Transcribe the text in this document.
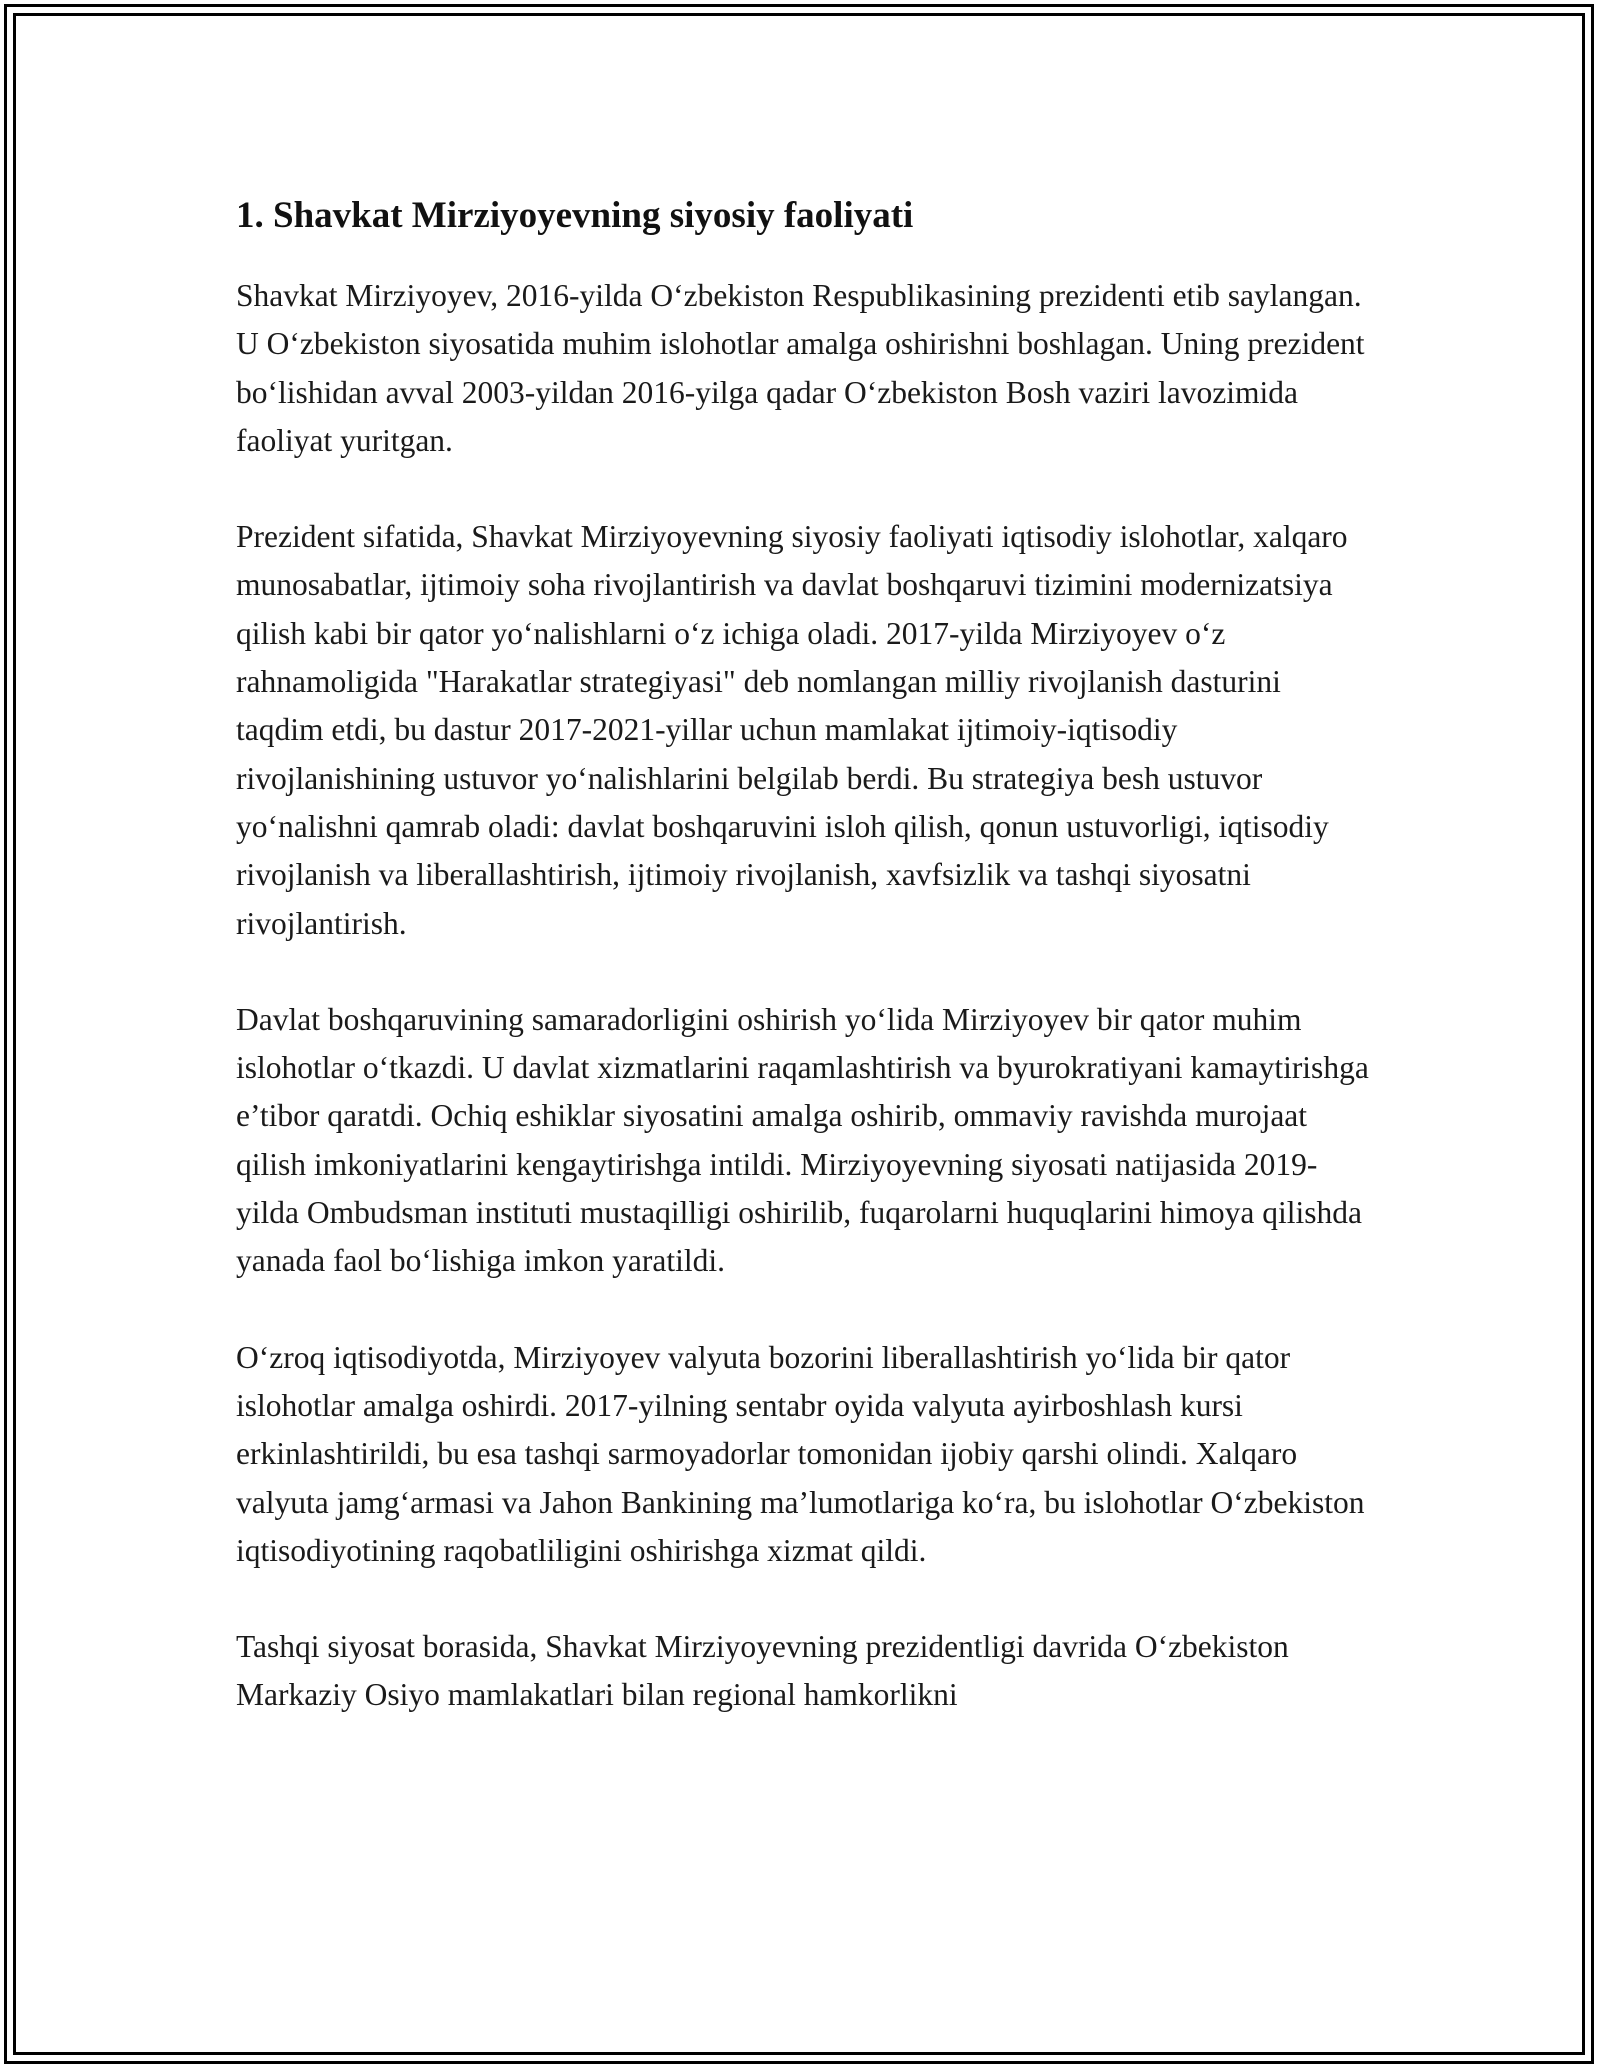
1. Shavkat Mirziyoyevning siyosiy faoliyati

Shavkat Mirziyoyev, 2016-yilda O‘zbekiston Respublikasining prezidenti etib saylangan. U O‘zbekiston siyosatida muhim islohotlar amalga oshirishni boshlagan. Uning prezident bo‘lishidan avval 2003-yildan 2016-yilga qadar O‘zbekiston Bosh vaziri lavozimida faoliyat yuritgan.

Prezident sifatida, Shavkat Mirziyoyevning siyosiy faoliyati iqtisodiy islohotlar, xalqaro munosabatlar, ijtimoiy soha rivojlantirish va davlat boshqaruvi tizimini modernizatsiya qilish kabi bir qator yo‘nalishlarni o‘z ichiga oladi. 2017-yilda Mirziyoyev o‘z rahnamoligida "Harakatlar strategiyasi" deb nomlangan milliy rivojlanish dasturini taqdim etdi, bu dastur 2017-2021-yillar uchun mamlakat ijtimoiy-iqtisodiy rivojlanishining ustuvor yo‘nalishlarini belgilab berdi. Bu strategiya besh ustuvor yo‘nalishni qamrab oladi: davlat boshqaruvini isloh qilish, qonun ustuvorligi, iqtisodiy rivojlanish va liberallashtirish, ijtimoiy rivojlanish, xavfsizlik va tashqi siyosatni rivojlantirish.

Davlat boshqaruvining samaradorligini oshirish yo‘lida Mirziyoyev bir qator muhim islohotlar o‘tkazdi. U davlat xizmatlarini raqamlashtirish va byurokratiyani kamaytirishga e’tibor qaratdi. Ochiq eshiklar siyosatini amalga oshirib, ommaviy ravishda murojaat qilish imkoniyatlarini kengaytirishga intildi. Mirziyoyevning siyosati natijasida 2019-yilda Ombudsman instituti mustaqilligi oshirilib, fuqarolarni huquqlarini himoya qilishda yanada faol bo‘lishiga imkon yaratildi.

O‘zroq iqtisodiyotda, Mirziyoyev valyuta bozorini liberallashtirish yo‘lida bir qator islohotlar amalga oshirdi. 2017-yilning sentabr oyida valyuta ayirboshlash kursi erkinlashtirildi, bu esa tashqi sarmoyadorlar tomonidan ijobiy qarshi olindi. Xalqaro valyuta jamg‘armasi va Jahon Bankining ma’lumotlariga ko‘ra, bu islohotlar O‘zbekiston iqtisodiyotining raqobatliligini oshirishga xizmat qildi.

Tashqi siyosat borasida, Shavkat Mirziyoyevning prezidentligi davrida O‘zbekiston Markaziy Osiyo mamlakatlari bilan regional hamkorlikni
